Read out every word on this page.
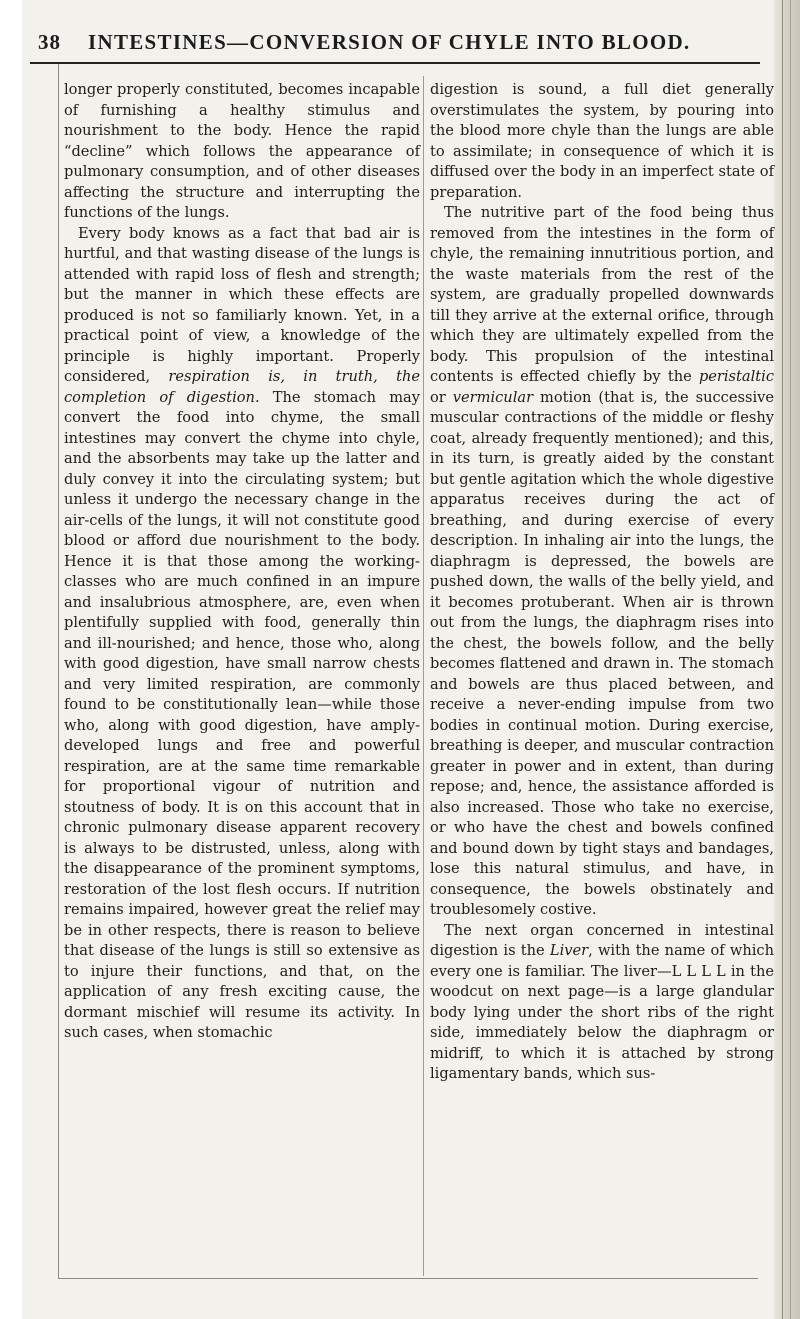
38 INTESTINES—CONVERSION OF CHYLE INTO BLOOD.

longer properly constituted, becomes incapable of furnishing a healthy stimulus and nourishment to the body. Hence the rapid “decline” which follows the appearance of pulmonary consumption, and of other diseases affecting the structure and interrupting the functions of the lungs.

Every body knows as a fact that bad air is hurtful, and that wasting disease of the lungs is attended with rapid loss of flesh and strength; but the manner in which these effects are produced is not so familiarly known. Yet, in a practical point of view, a knowledge of the principle is highly important. Properly considered, respiration is, in truth, the completion of digestion. The stomach may convert the food into chyme, the small intestines may convert the chyme into chyle, and the absorbents may take up the latter and duly convey it into the circulating system; but unless it undergo the necessary change in the air-cells of the lungs, it will not constitute good blood or afford due nourishment to the body. Hence it is that those among the working-classes who are much confined in an impure and insalubrious atmosphere, are, even when plentifully supplied with food, generally thin and ill-nourished; and hence, those who, along with good digestion, have small narrow chests and very limited respiration, are commonly found to be constitutionally lean—while those who, along with good digestion, have amply-developed lungs and free and powerful respiration, are at the same time remarkable for proportional vigour of nutrition and stoutness of body. It is on this account that in chronic pulmonary disease apparent recovery is always to be distrusted, unless, along with the disappearance of the prominent symptoms, restoration of the lost flesh occurs. If nutrition remains impaired, however great the relief may be in other respects, there is reason to believe that disease of the lungs is still so extensive as to injure their functions, and that, on the application of any fresh exciting cause, the dormant mischief will resume its activity. In such cases, when stomachic

digestion is sound, a full diet generally overstimulates the system, by pouring into the blood more chyle than the lungs are able to assimilate; in consequence of which it is diffused over the body in an imperfect state of preparation.

The nutritive part of the food being thus removed from the intestines in the form of chyle, the remaining innutritious portion, and the waste materials from the rest of the system, are gradually propelled downwards till they arrive at the external orifice, through which they are ultimately expelled from the body. This propulsion of the intestinal contents is effected chiefly by the peristaltic or vermicular motion (that is, the successive muscular contractions of the middle or fleshy coat, already frequently mentioned); and this, in its turn, is greatly aided by the constant but gentle agitation which the whole digestive apparatus receives during the act of breathing, and during exercise of every description. In inhaling air into the lungs, the diaphragm is depressed, the bowels are pushed down, the walls of the belly yield, and it becomes protuberant. When air is thrown out from the lungs, the diaphragm rises into the chest, the bowels follow, and the belly becomes flattened and drawn in. The stomach and bowels are thus placed between, and receive a never-ending impulse from two bodies in continual motion. During exercise, breathing is deeper, and muscular contraction greater in power and in extent, than during repose; and, hence, the assistance afforded is also increased. Those who take no exercise, or who have the chest and bowels confined and bound down by tight stays and bandages, lose this natural stimulus, and have, in consequence, the bowels obstinately and troublesomely costive.

The next organ concerned in intestinal digestion is the Liver, with the name of which every one is familiar. The liver—L L L L in the woodcut on next page—is a large glandular body lying under the short ribs of the right side, immediately below the diaphragm or midriff, to which it is attached by strong ligamentary bands, which sus-
